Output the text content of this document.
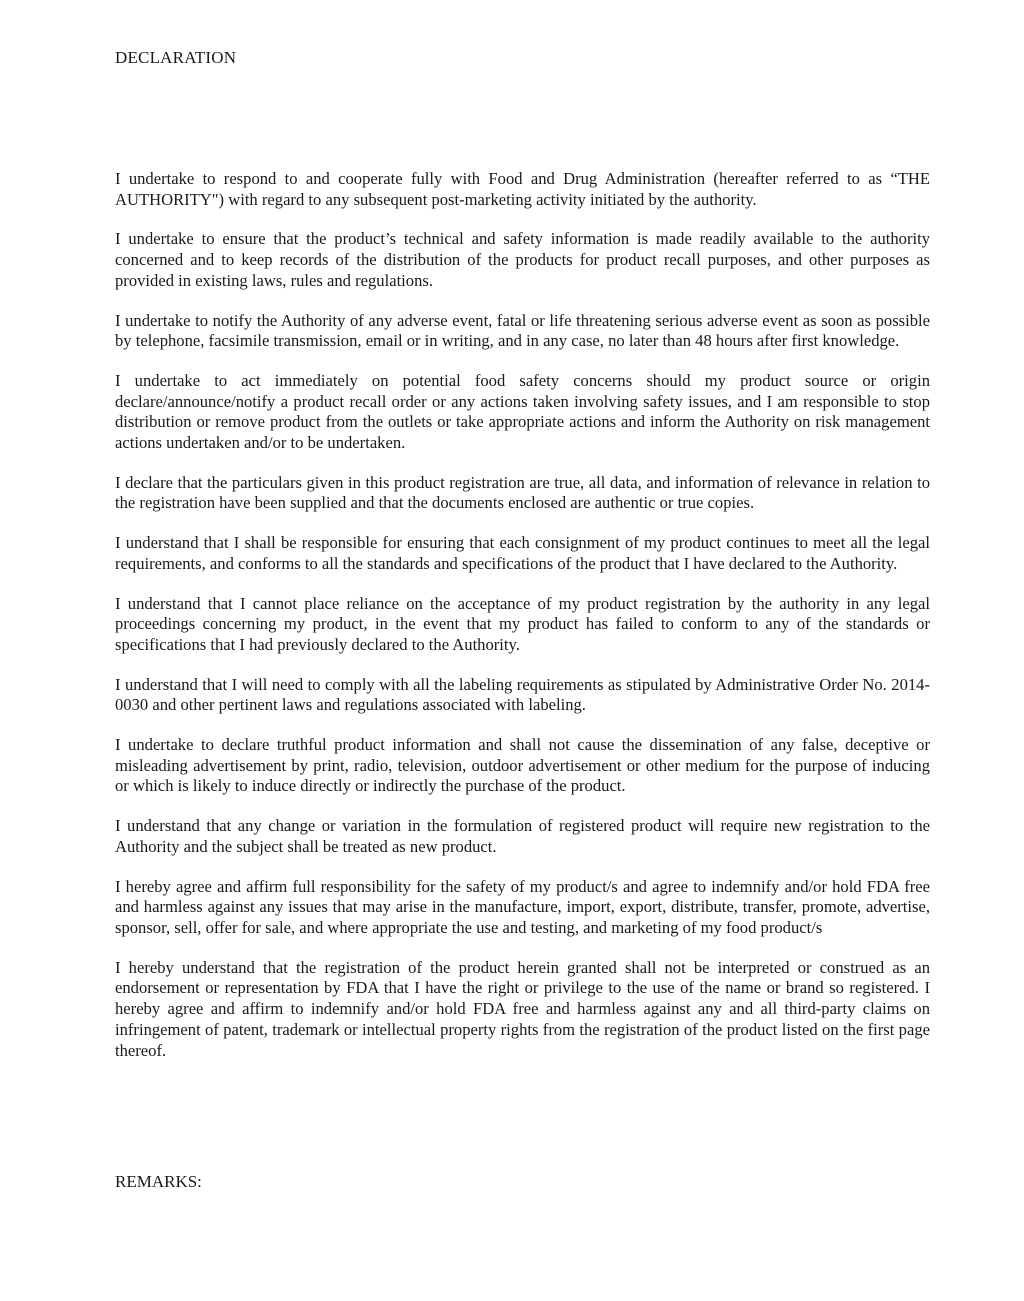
DECLARATION

I undertake to respond to and cooperate fully with Food and Drug Administration (hereafter referred to as “THE AUTHORITY") with regard to any subsequent post-marketing activity initiated by the authority.

I undertake to ensure that the product’s technical and safety information is made readily available to the authority concerned and to keep records of the distribution of the products for product recall purposes, and other purposes as provided in existing laws, rules and regulations.

I undertake to notify the Authority of any adverse event, fatal or life threatening serious adverse event as soon as possible by telephone, facsimile transmission, email or in writing, and in any case, no later than 48 hours after first knowledge.

I undertake to act immediately on potential food safety concerns should my product source or origin declare/announce/notify a product recall order or any actions taken involving safety issues, and I am responsible to stop distribution or remove product from the outlets or take appropriate actions and inform the Authority on risk management actions undertaken and/or to be undertaken.

I declare that the particulars given in this product registration are true, all data, and information of relevance in relation to the registration have been supplied and that the documents enclosed are authentic or true copies.

I understand that I shall be responsible for ensuring that each consignment of my product continues to meet all the legal requirements, and conforms to all the standards and specifications of the product that I have declared to the Authority.

I understand that I cannot place reliance on the acceptance of my product registration by the authority in any legal proceedings concerning my product, in the event that my product has failed to conform to any of the standards or specifications that I had previously declared to the Authority.

I understand that I will need to comply with all the labeling requirements as stipulated by Administrative Order No. 2014-0030 and other pertinent laws and regulations associated with labeling.

I undertake to declare truthful product information and shall not cause the dissemination of any false, deceptive or misleading advertisement by print, radio, television, outdoor advertisement or other medium for the purpose of inducing or which is likely to induce directly or indirectly the purchase of the product.

I understand that any change or variation in the formulation of registered product will require new registration to the Authority and the subject shall be treated as new product.

I hereby agree and affirm full responsibility for the safety of my product/s and agree to indemnify and/or hold FDA free and harmless against any issues that may arise in the manufacture, import, export, distribute, transfer, promote, advertise, sponsor, sell, offer for sale, and where appropriate the use and testing, and marketing of my food product/s

I hereby understand that the registration of the product herein granted shall not be interpreted or construed as an endorsement or representation by FDA that I have the right or privilege to the use of the name or brand so registered. I hereby agree and affirm to indemnify and/or hold FDA free and harmless against any and all third-party claims on infringement of patent, trademark or intellectual property rights from the registration of the product listed on the first page thereof.

REMARKS:
